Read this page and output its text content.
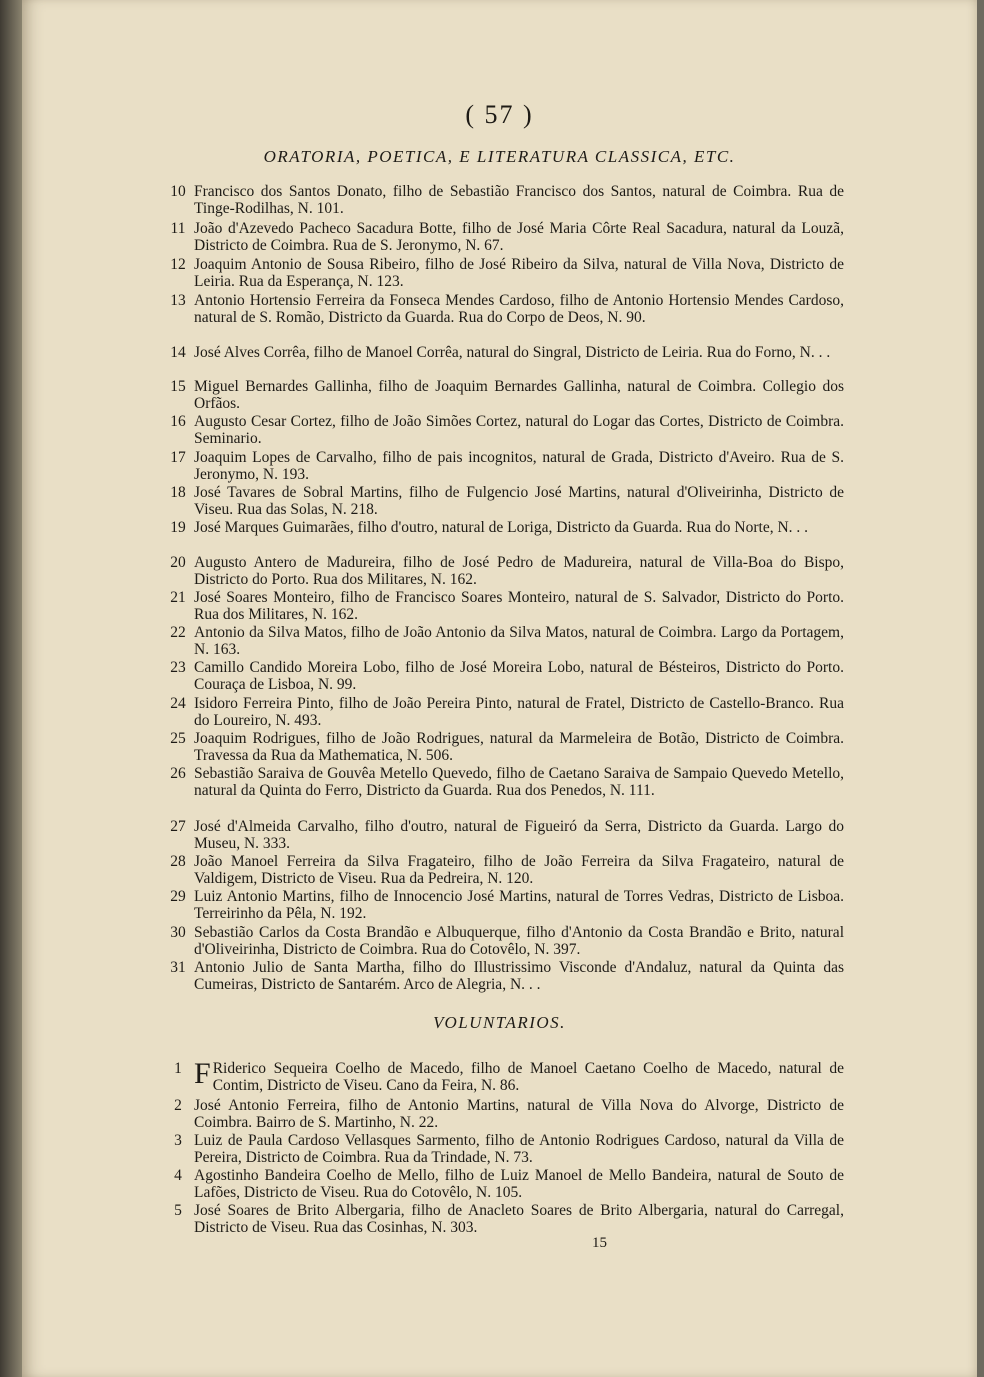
( 57 )
ORATORIA, POETICA, E LITERATURA CLASSICA, ETC.
10 Francisco dos Santos Donato, filho de Sebastião Francisco dos Santos, natural de Coimbra. Rua de Tinge-Rodilhas, N. 101.
11 João d'Azevedo Pacheco Sacadura Botte, filho de José Maria Côrte Real Sacadura, natural da Louzã, Districto de Coimbra. Rua de S. Jeronymo, N. 67.
12 Joaquim Antonio de Sousa Ribeiro, filho de José Ribeiro da Silva, natural de Villa Nova, Districto de Leiria. Rua da Esperança, N. 123.
13 Antonio Hortensio Ferreira da Fonseca Mendes Cardoso, filho de Antonio Hortensio Mendes Cardoso, natural de S. Romão, Districto da Guarda. Rua do Corpo de Deos, N. 90.
14 José Alves Corrêa, filho de Manoel Corrêa, natural do Singral, Districto de Leiria. Rua do Forno, N. . .
15 Miguel Bernardes Gallinha, filho de Joaquim Bernardes Gallinha, natural de Coimbra. Collegio dos Orfãos.
16 Augusto Cesar Cortez, filho de João Simões Cortez, natural do Logar das Cortes, Districto de Coimbra. Seminario.
17 Joaquim Lopes de Carvalho, filho de pais incognitos, natural de Grada, Districto d'Aveiro. Rua de S. Jeronymo, N. 193.
18 José Tavares de Sobral Martins, filho de Fulgencio José Martins, natural d'Oliveirinha, Districto de Viseu. Rua das Solas, N. 218.
19 José Marques Guimarães, filho d'outro, natural de Loriga, Districto da Guarda. Rua do Norte, N. . .
20 Augusto Antero de Madureira, filho de José Pedro de Madureira, natural de Villa-Boa do Bispo, Districto do Porto. Rua dos Militares, N. 162.
21 José Soares Monteiro, filho de Francisco Soares Monteiro, natural de S. Salvador, Districto do Porto. Rua dos Militares, N. 162.
22 Antonio da Silva Matos, filho de João Antonio da Silva Matos, natural de Coimbra. Largo da Portagem, N. 163.
23 Camillo Candido Moreira Lobo, filho de José Moreira Lobo, natural de Bésteiros, Districto do Porto. Couraça de Lisboa, N. 99.
24 Isidoro Ferreira Pinto, filho de João Pereira Pinto, natural de Fratel, Districto de Castello-Branco. Rua do Loureiro, N. 493.
25 Joaquim Rodrigues, filho de João Rodrigues, natural da Marmeleira de Botão, Districto de Coimbra. Travessa da Rua da Mathematica, N. 506.
26 Sebastião Saraiva de Gouvêa Metello Quevedo, filho de Caetano Saraiva de Sampaio Quevedo Metello, natural da Quinta do Ferro, Districto da Guarda. Rua dos Penedos, N. 111.
27 José d'Almeida Carvalho, filho d'outro, natural de Figueiró da Serra, Districto da Guarda. Largo do Museu, N. 333.
28 João Manoel Ferreira da Silva Fragateiro, filho de João Ferreira da Silva Fragateiro, natural de Valdigem, Districto de Viseu. Rua da Pedreira, N. 120.
29 Luiz Antonio Martins, filho de Innocencio José Martins, natural de Torres Vedras, Districto de Lisboa. Terreirinho da Pêla, N. 192.
30 Sebastião Carlos da Costa Brandão e Albuquerque, filho d'Antonio da Costa Brandão e Brito, natural d'Oliveirinha, Districto de Coimbra. Rua do Cotovêlo, N. 397.
31 Antonio Julio de Santa Martha, filho do Illustrissimo Visconde d'Andaluz, natural da Quinta das Cumeiras, Districto de Santarém. Arco de Alegria, N. . .
VOLUNTARIOS.
1 F Riderico Sequeira Coelho de Macedo, filho de Manoel Caetano Coelho de Macedo, natural de Contim, Districto de Viseu. Cano da Feira, N. 86.
2 José Antonio Ferreira, filho de Antonio Martins, natural de Villa Nova do Alvorge, Districto de Coimbra. Bairro de S. Martinho, N. 22.
3 Luiz de Paula Cardoso Vellasques Sarmento, filho de Antonio Rodrigues Cardoso, natural da Villa de Pereira, Districto de Coimbra. Rua da Trindade, N. 73.
4 Agostinho Bandeira Coelho de Mello, filho de Luiz Manoel de Mello Bandeira, natural de Souto de Lafões, Districto de Viseu. Rua do Cotovêlo, N. 105.
5 José Soares de Brito Albergaria, filho de Anacleto Soares de Brito Albergaria, natural do Carregal, Districto de Viseu. Rua das Cosinhas, N. 303.
15
